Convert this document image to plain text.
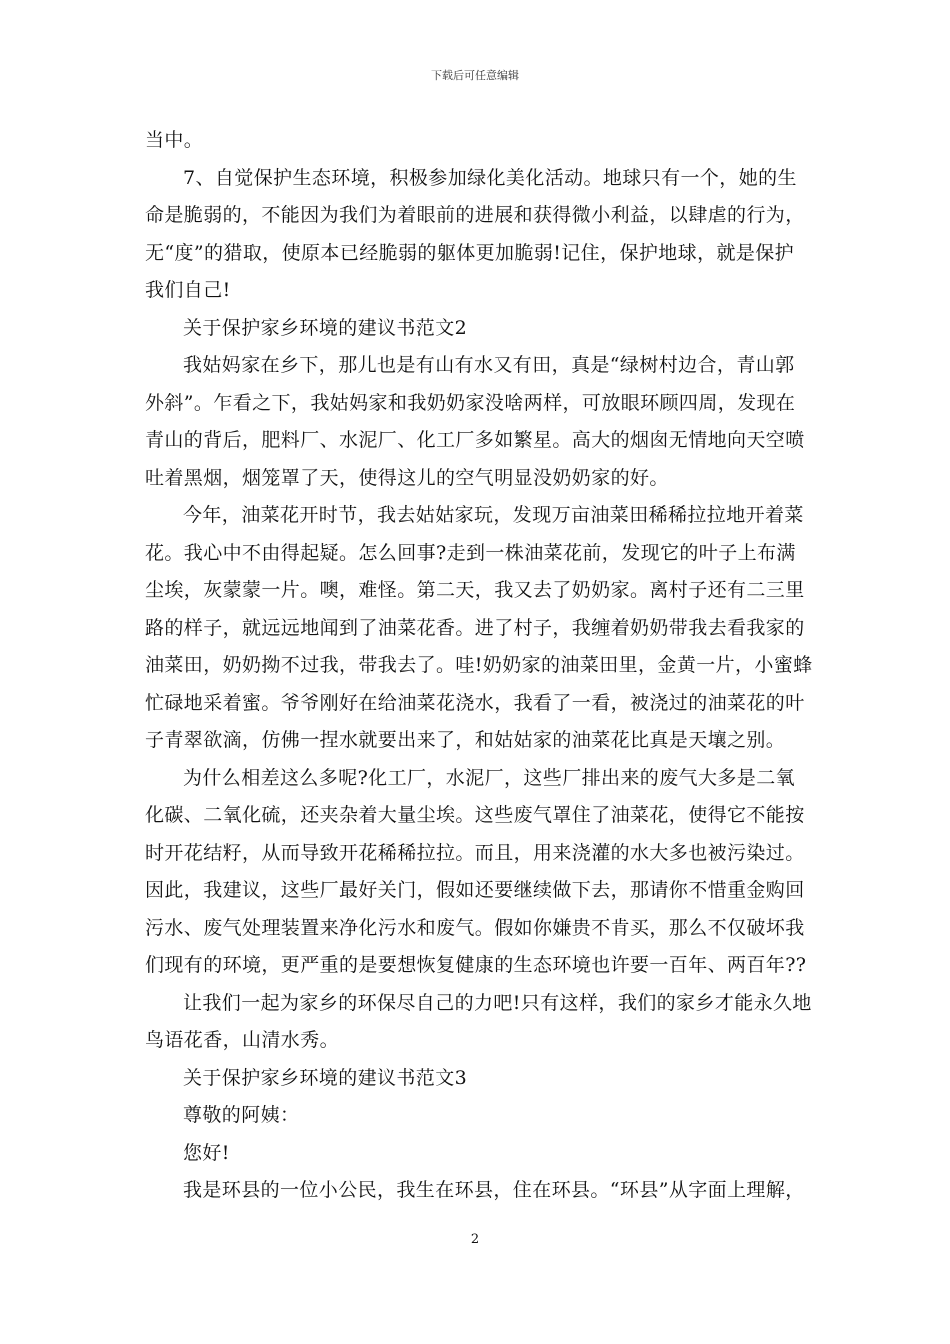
下载后可任意编辑

当中。

7、自觉保护生态环境，积极参加绿化美化活动。地球只有一个，她的生命是脆弱的，不能因为我们为着眼前的进展和获得微小利益，以肆虐的行为，无“度”的猎取，使原本已经脆弱的躯体更加脆弱!记住，保护地球，就是保护我们自己!

关于保护家乡环境的建议书范文2

我姑妈家在乡下，那儿也是有山有水又有田，真是“绿树村边合，青山郭外斜”。乍看之下，我姑妈家和我奶奶家没啥两样，可放眼环顾四周，发现在青山的背后，肥料厂、水泥厂、化工厂多如繁星。高大的烟囱无情地向天空喷吐着黑烟，烟笼罩了天，使得这儿的空气明显没奶奶家的好。

今年，油菜花开时节，我去姑姑家玩，发现万亩油菜田稀稀拉拉地开着菜花。我心中不由得起疑。怎么回事?走到一株油菜花前，发现它的叶子上布满尘埃，灰蒙蒙一片。噢，难怪。第二天，我又去了奶奶家。离村子还有二三里路的样子，就远远地闻到了油菜花香。进了村子，我缠着奶奶带我去看我家的油菜田，奶奶拗不过我，带我去了。哇!奶奶家的油菜田里，金黄一片，小蜜蜂忙碌地采着蜜。爷爷刚好在给油菜花浇水，我看了一看，被浇过的油菜花的叶子青翠欲滴，仿佛一捏水就要出来了，和姑姑家的油菜花比真是天壤之别。

为什么相差这么多呢?化工厂，水泥厂，这些厂排出来的废气大多是二氧化碳、二氧化硫，还夹杂着大量尘埃。这些废气罩住了油菜花，使得它不能按时开花结籽，从而导致开花稀稀拉拉。而且，用来浇灌的水大多也被污染过。因此，我建议，这些厂最好关门，假如还要继续做下去，那请你不惜重金购回污水、废气处理装置来净化污水和废气。假如你嫌贵不肯买，那么不仅破坏我们现有的环境，更严重的是要想恢复健康的生态环境也许要一百年、两百年??

让我们一起为家乡的环保尽自己的力吧!只有这样，我们的家乡才能永久地鸟语花香，山清水秀。

关于保护家乡环境的建议书范文3

尊敬的阿姨：

您好!

我是环县的一位小公民，我生在环县，住在环县。“环县”从字面上理解，

2
